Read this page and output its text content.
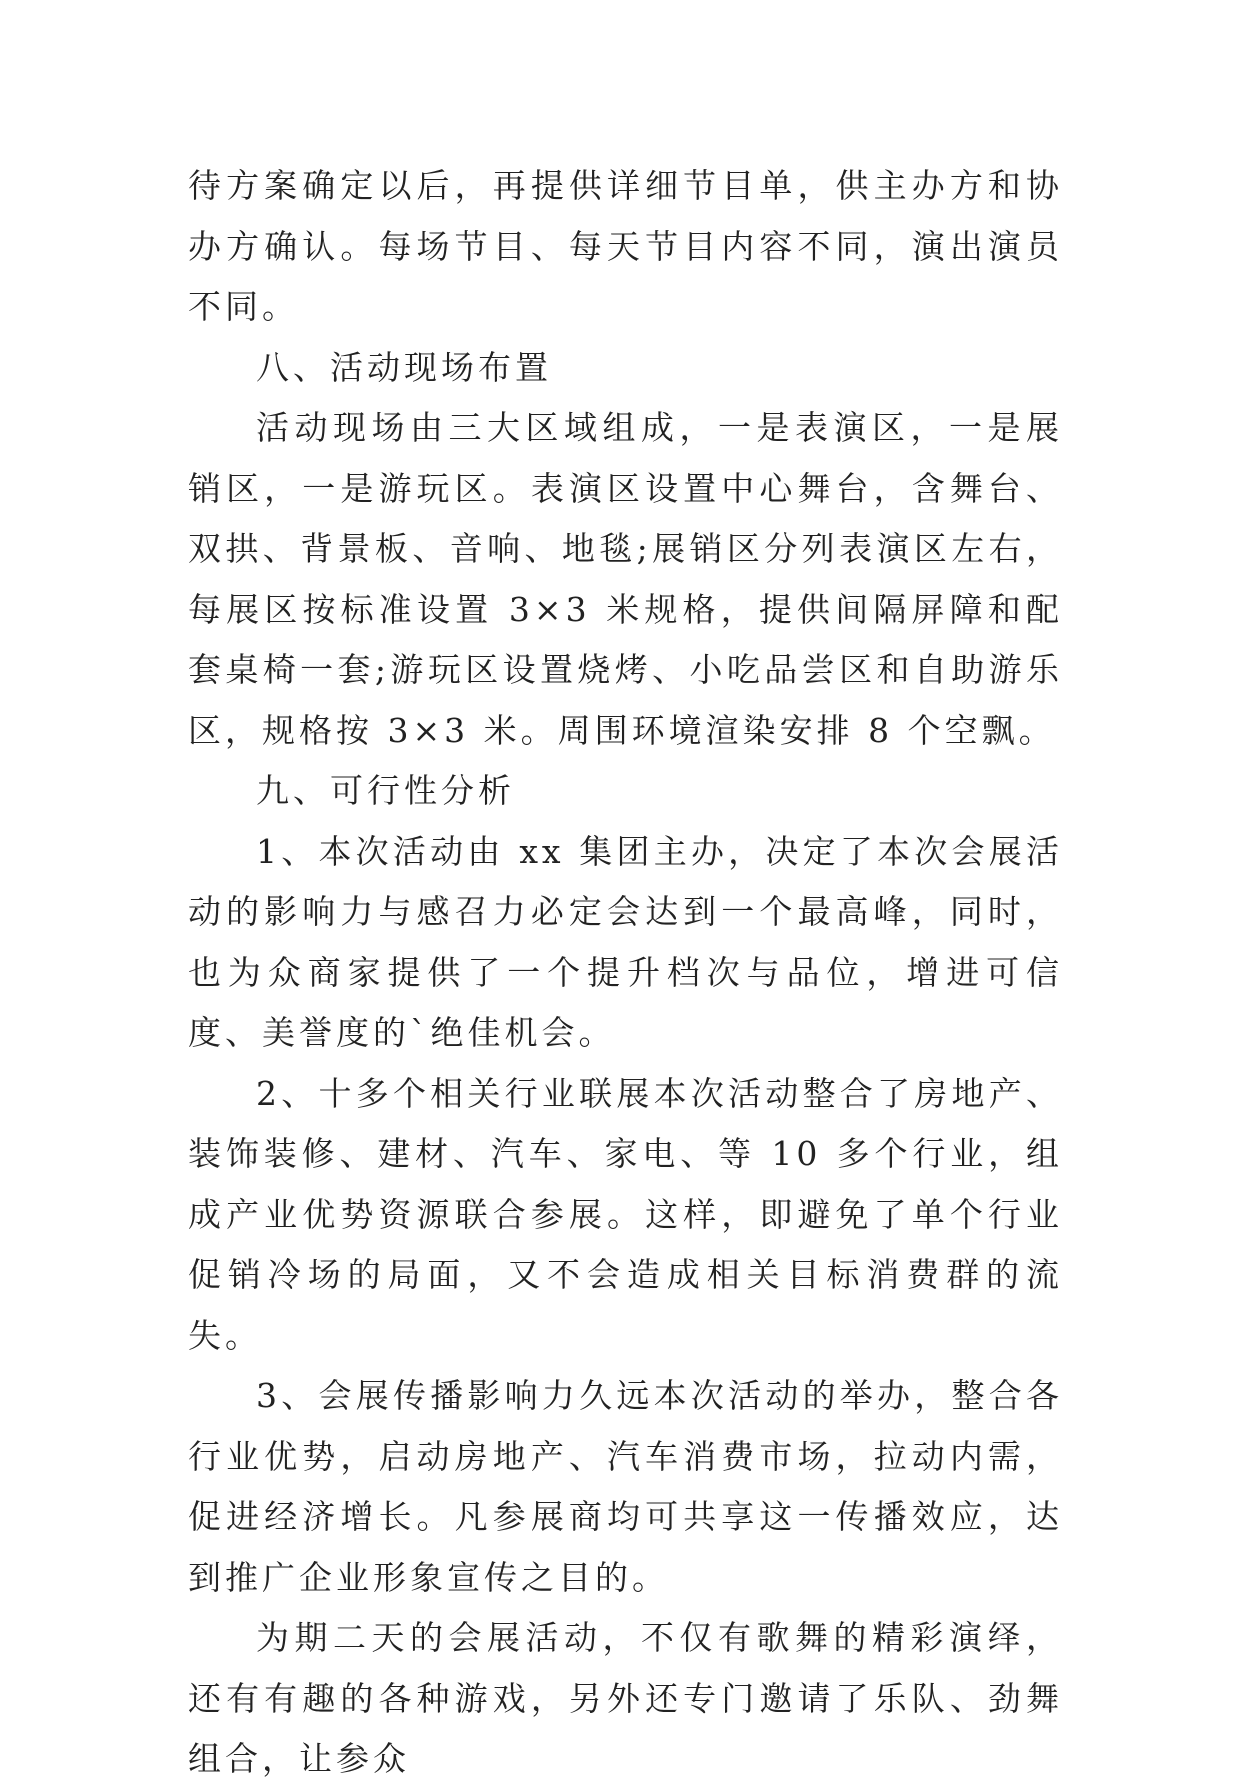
待方案确定以后，再提供详细节目单，供主办方和协办方确认。每场节目、每天节目内容不同，演出演员不同。

八、活动现场布置

活动现场由三大区域组成，一是表演区，一是展销区，一是游玩区。表演区设置中心舞台，含舞台、双拱、背景板、音响、地毯;展销区分列表演区左右，每展区按标准设置 3×3 米规格，提供间隔屏障和配套桌椅一套;游玩区设置烧烤、小吃品尝区和自助游乐区，规格按 3×3 米。周围环境渲染安排 8 个空飘。

九、可行性分析

1、本次活动由 xx 集团主办，决定了本次会展活动的影响力与感召力必定会达到一个最高峰，同时，也为众商家提供了一个提升档次与品位，增进可信度、美誉度的`绝佳机会。

2、十多个相关行业联展本次活动整合了房地产、装饰装修、建材、汽车、家电、等 10 多个行业，组成产业优势资源联合参展。这样，即避免了单个行业促销冷场的局面，又不会造成相关目标消费群的流失。

3、会展传播影响力久远本次活动的举办，整合各行业优势，启动房地产、汽车消费市场，拉动内需，促进经济增长。凡参展商均可共享这一传播效应，达到推广企业形象宣传之目的。

为期二天的会展活动，不仅有歌舞的精彩演绎，还有有趣的各种游戏，另外还专门邀请了乐队、劲舞组合，让参众
